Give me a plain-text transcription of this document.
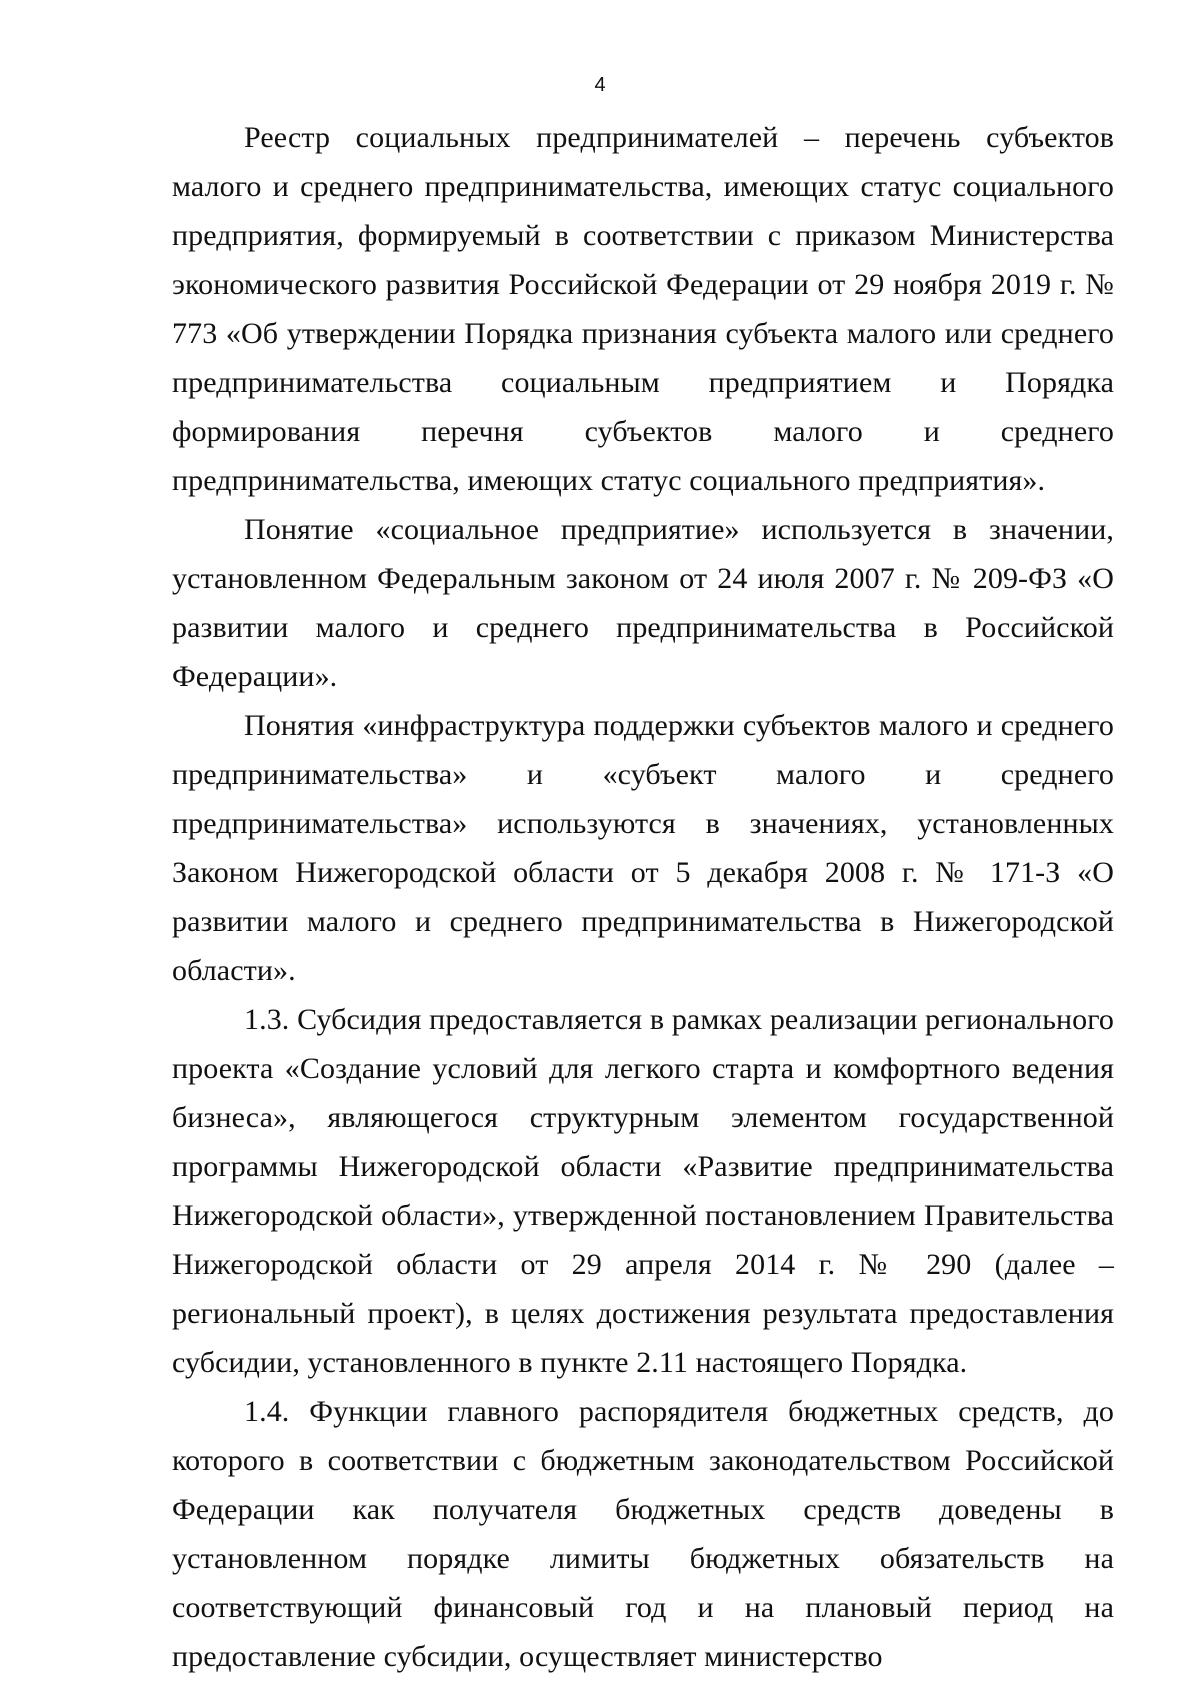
4

Реестр социальных предпринимателей – перечень субъектов малого и среднего предпринимательства, имеющих статус социального предприятия, формируемый в соответствии с приказом Министерства экономического развития Российской Федерации от 29 ноября 2019 г. № 773 «Об утверждении Порядка признания субъекта малого или среднего предпринимательства социальным предприятием и Порядка формирования перечня субъектов малого и среднего предпринимательства, имеющих статус социального предприятия».

Понятие «социальное предприятие» используется в значении, установленном Федеральным законом от 24 июля 2007 г. № 209-ФЗ «О развитии малого и среднего предпринимательства в Российской Федерации».

Понятия «инфраструктура поддержки субъектов малого и среднего предпринимательства» и «субъект малого и среднего предпринимательства» используются в значениях, установленных Законом Нижегородской области от 5 декабря 2008 г. № 171-З «О развитии малого и среднего предпринимательства в Нижегородской области».

1.3. Субсидия предоставляется в рамках реализации регионального проекта «Создание условий для легкого старта и комфортного ведения бизнеса», являющегося структурным элементом государственной программы Нижегородской области «Развитие предпринимательства Нижегородской области», утвержденной постановлением Правительства Нижегородской области от 29 апреля 2014 г. № 290 (далее – региональный проект), в целях достижения результата предоставления субсидии, установленного в пункте 2.11 настоящего Порядка.

1.4. Функции главного распорядителя бюджетных средств, до которого в соответствии с бюджетным законодательством Российской Федерации как получателя бюджетных средств доведены в установленном порядке лимиты бюджетных обязательств на соответствующий финансовый год и на плановый период на предоставление субсидии, осуществляет министерство
